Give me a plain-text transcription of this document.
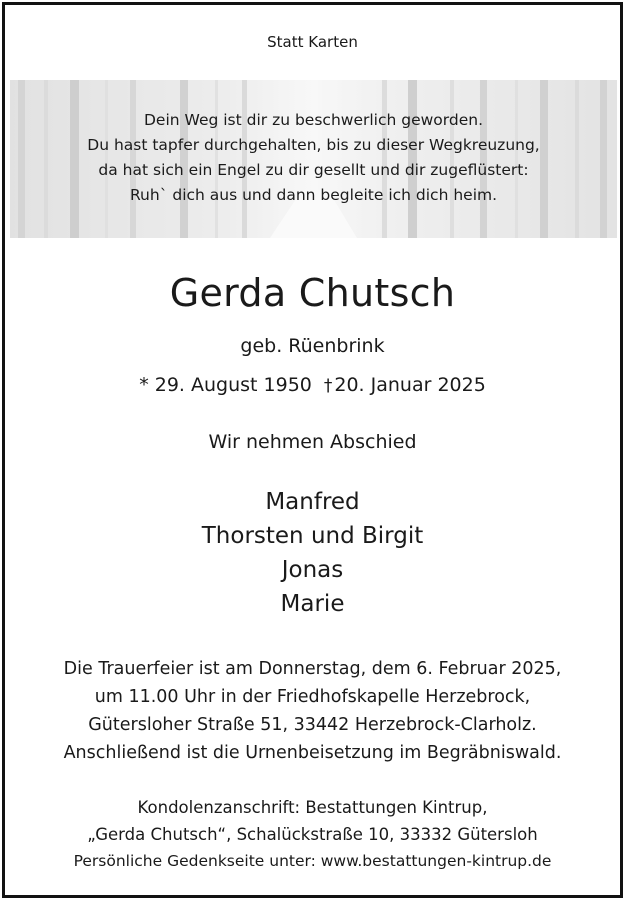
Statt Karten
Dein Weg ist dir zu beschwerlich geworden.
Du hast tapfer durchgehalten, bis zu dieser Wegkreuzung,
da hat sich ein Engel zu dir gesellt und dir zugeflüstert:
Ruh` dich aus und dann begleite ich dich heim.
Gerda Chutsch
geb. Rüenbrink
* 29. August 1950 † 20. Januar 2025
Wir nehmen Abschied
Manfred
Thorsten und Birgit
Jonas
Marie
Die Trauerfeier ist am Donnerstag, dem 6. Februar 2025,
um 11.00 Uhr in der Friedhofskapelle Herzebrock,
Gütersloher Straße 51, 33442 Herzebrock-Clarholz.
Anschließend ist die Urnenbeisetzung im Begräbniswald.
Kondolenzanschrift: Bestattungen Kintrup,
„Gerda Chutsch“, Schalückstraße 10, 33332 Gütersloh
Persönliche Gedenkseite unter: www.bestattungen-kintrup.de
